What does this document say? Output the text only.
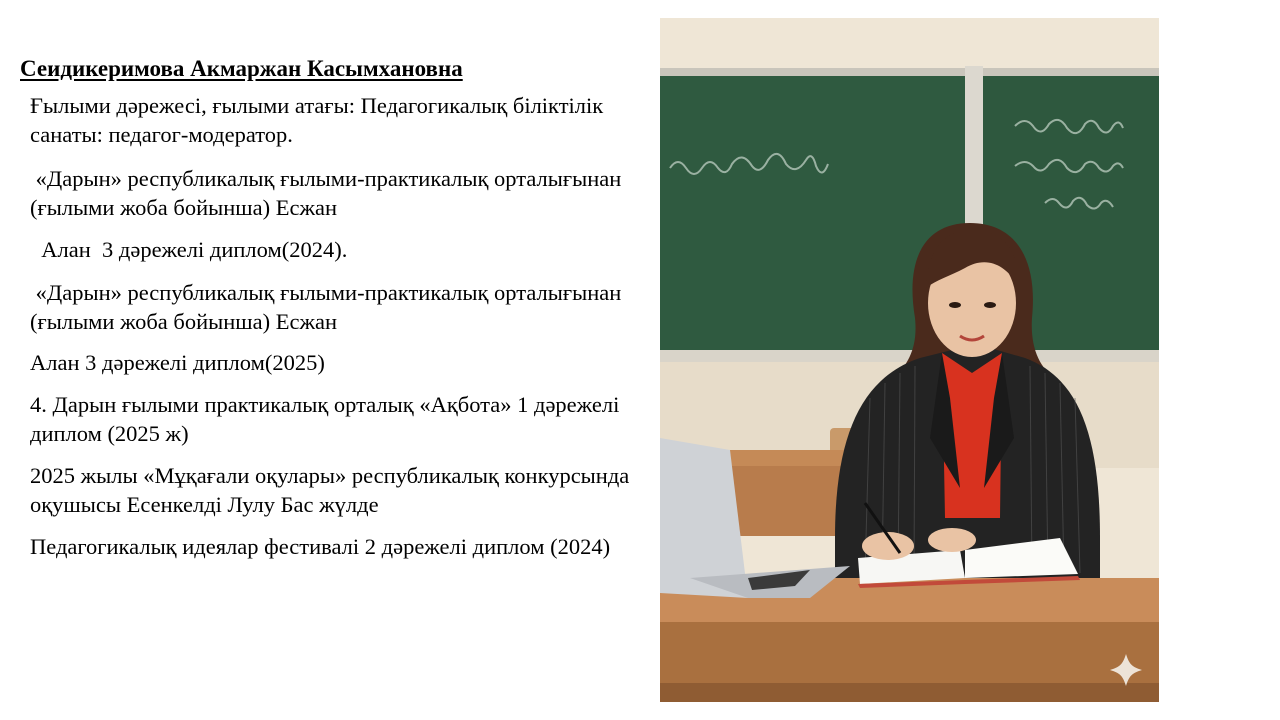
Сеидикеримова Акмаржан Касымхановна

Ғылыми дәрежесі, ғылыми атағы: Педагогикалық біліктілік санаты: педагог-модератор.

«Дарын» республикалық ғылыми-практикалық орталығынан (ғылыми жоба бойынша) Есжан

Алан  3 дәрежелі диплом(2024).

«Дарын» республикалық ғылыми-практикалық орталығынан (ғылыми жоба бойынша) Есжан

Алан 3 дәрежелі диплом(2025)

4. Дарын ғылыми практикалық орталық «Ақбота» 1 дәрежелі диплом (2025 ж)

2025 жылы «Мұқағали оқулары» республикалық конкурсында оқушысы Есенкелді Лулу Бас жүлде

Педагогикалық идеялар фестивалі 2 дәрежелі диплом (2024)
